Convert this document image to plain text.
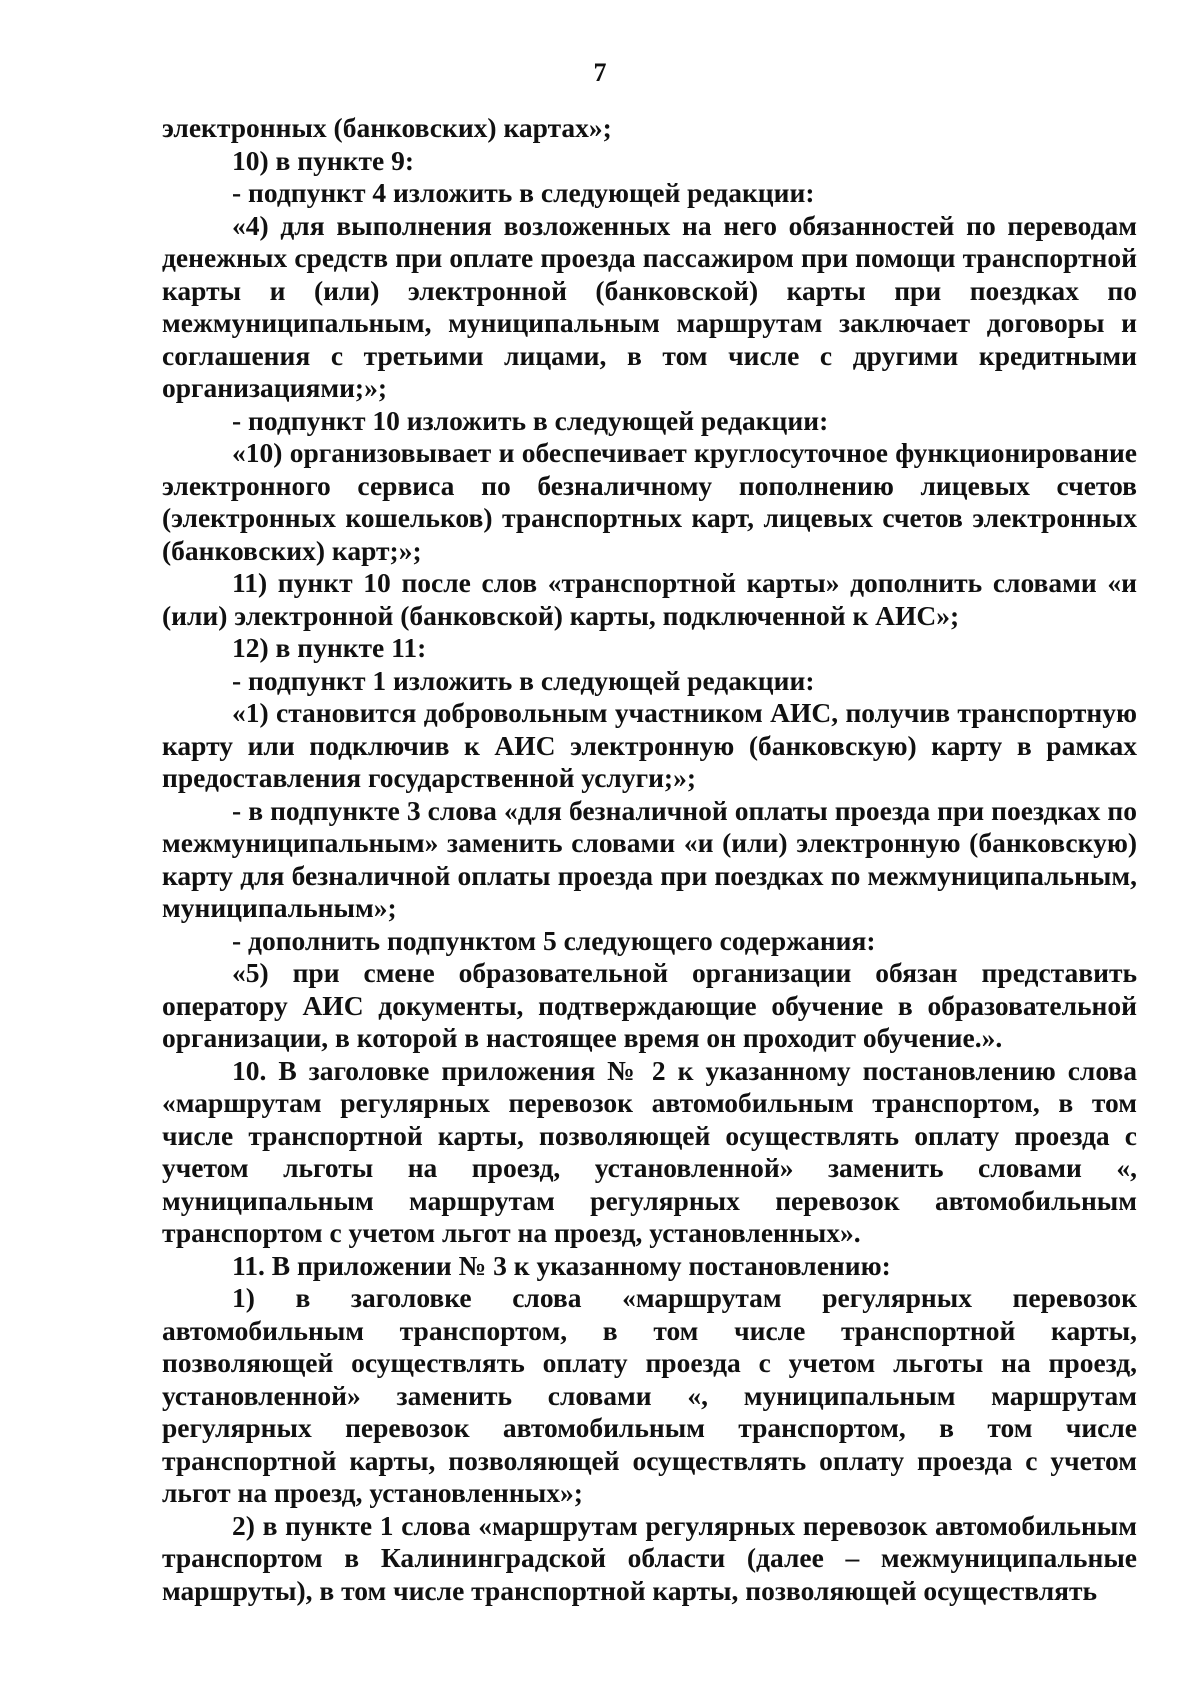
7

электронных (банковских) картах»;

10) в пункте 9:

- подпункт 4 изложить в следующей редакции:

«4) для выполнения возложенных на него обязанностей по переводам денежных средств при оплате проезда пассажиром при помощи транспортной карты и (или) электронной (банковской) карты при поездках по межмуниципальным, муниципальным маршрутам заключает договоры и соглашения с третьими лицами, в том числе с другими кредитными организациями;»;

- подпункт 10 изложить в следующей редакции:

«10) организовывает и обеспечивает круглосуточное функционирование электронного сервиса по безналичному пополнению лицевых счетов (электронных кошельков) транспортных карт, лицевых счетов электронных (банковских) карт;»;

11) пункт 10 после слов «транспортной карты» дополнить словами «и (или) электронной (банковской) карты, подключенной к АИС»;

12) в пункте 11:

- подпункт 1 изложить в следующей редакции:

«1) становится добровольным участником АИС, получив транспортную карту или подключив к АИС электронную (банковскую) карту в рамках предоставления государственной услуги;»;

- в подпункте 3 слова «для безналичной оплаты проезда при поездках по межмуниципальным» заменить словами «и (или) электронную (банковскую) карту для безналичной оплаты проезда при поездках по межмуниципальным, муниципальным»;

- дополнить подпунктом 5 следующего содержания:

«5) при смене образовательной организации обязан представить оператору АИС документы, подтверждающие обучение в образовательной организации, в которой в настоящее время он проходит обучение.».

10. В заголовке приложения № 2 к указанному постановлению слова «маршрутам регулярных перевозок автомобильным транспортом, в том числе транспортной карты, позволяющей осуществлять оплату проезда с учетом льготы на проезд, установленной» заменить словами «, муниципальным маршрутам регулярных перевозок автомобильным транспортом с учетом льгот на проезд, установленных».

11. В приложении № 3 к указанному постановлению:

1) в заголовке слова «маршрутам регулярных перевозок автомобильным транспортом, в том числе транспортной карты, позволяющей осуществлять оплату проезда с учетом льготы на проезд, установленной» заменить словами «, муниципальным маршрутам регулярных перевозок автомобильным транспортом, в том числе транспортной карты, позволяющей осуществлять оплату проезда с учетом льгот на проезд, установленных»;

2) в пункте 1 слова «маршрутам регулярных перевозок автомобильным транспортом в Калининградской области (далее – межмуниципальные маршруты), в том числе транспортной карты, позволяющей осуществлять
